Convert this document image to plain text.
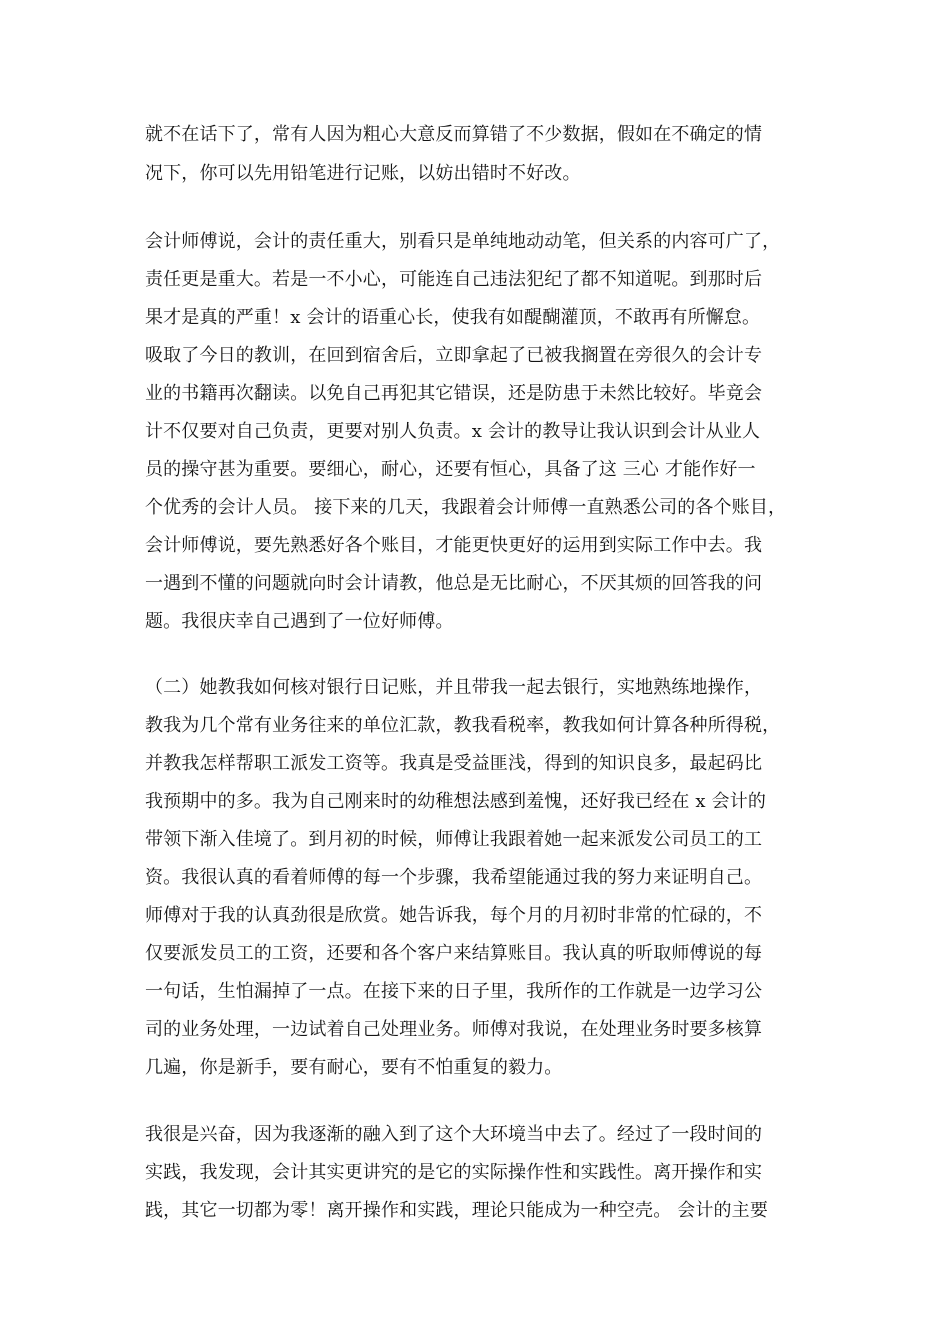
就不在话下了，常有人因为粗心大意反而算错了不少数据，假如在不确定的情
况下，你可以先用铅笔进行记账，以妨出错时不好改。
会计师傅说，会计的责任重大，别看只是单纯地动动笔，但关系的内容可广了，
责任更是重大。若是一不小心，可能连自己违法犯纪了都不知道呢。到那时后
果才是真的严重！x 会计的语重心长，使我有如醍醐灌顶，不敢再有所懈怠。
吸取了今日的教训，在回到宿舍后，立即拿起了已被我搁置在旁很久的会计专
业的书籍再次翻读。以免自己再犯其它错误，还是防患于未然比较好。毕竟会
计不仅要对自己负责，更要对别人负责。x 会计的教导让我认识到会计从业人
员的操守甚为重要。要细心，耐心，还要有恒心，具备了这 三心 才能作好一
个优秀的会计人员。 接下来的几天，我跟着会计师傅一直熟悉公司的各个账目，
会计师傅说，要先熟悉好各个账目，才能更快更好的运用到实际工作中去。我
一遇到不懂的问题就向时会计请教，他总是无比耐心，不厌其烦的回答我的问
题。我很庆幸自己遇到了一位好师傅。
（二）她教我如何核对银行日记账，并且带我一起去银行，实地熟练地操作，
教我为几个常有业务往来的单位汇款，教我看税率，教我如何计算各种所得税，
并教我怎样帮职工派发工资等。我真是受益匪浅，得到的知识良多，最起码比
我预期中的多。我为自己刚来时的幼稚想法感到羞愧，还好我已经在 x 会计的
带领下渐入佳境了。到月初的时候，师傅让我跟着她一起来派发公司员工的工
资。我很认真的看着师傅的每一个步骤，我希望能通过我的努力来证明自己。
师傅对于我的认真劲很是欣赏。她告诉我，每个月的月初时非常的忙碌的，不
仅要派发员工的工资，还要和各个客户来结算账目。我认真的听取师傅说的每
一句话，生怕漏掉了一点。在接下来的日子里，我所作的工作就是一边学习公
司的业务处理，一边试着自己处理业务。师傅对我说，在处理业务时要多核算
几遍，你是新手，要有耐心，要有不怕重复的毅力。
我很是兴奋，因为我逐渐的融入到了这个大环境当中去了。经过了一段时间的
实践，我发现，会计其实更讲究的是它的实际操作性和实践性。离开操作和实
践，其它一切都为零！离开操作和实践，理论只能成为一种空壳。 会计的主要
